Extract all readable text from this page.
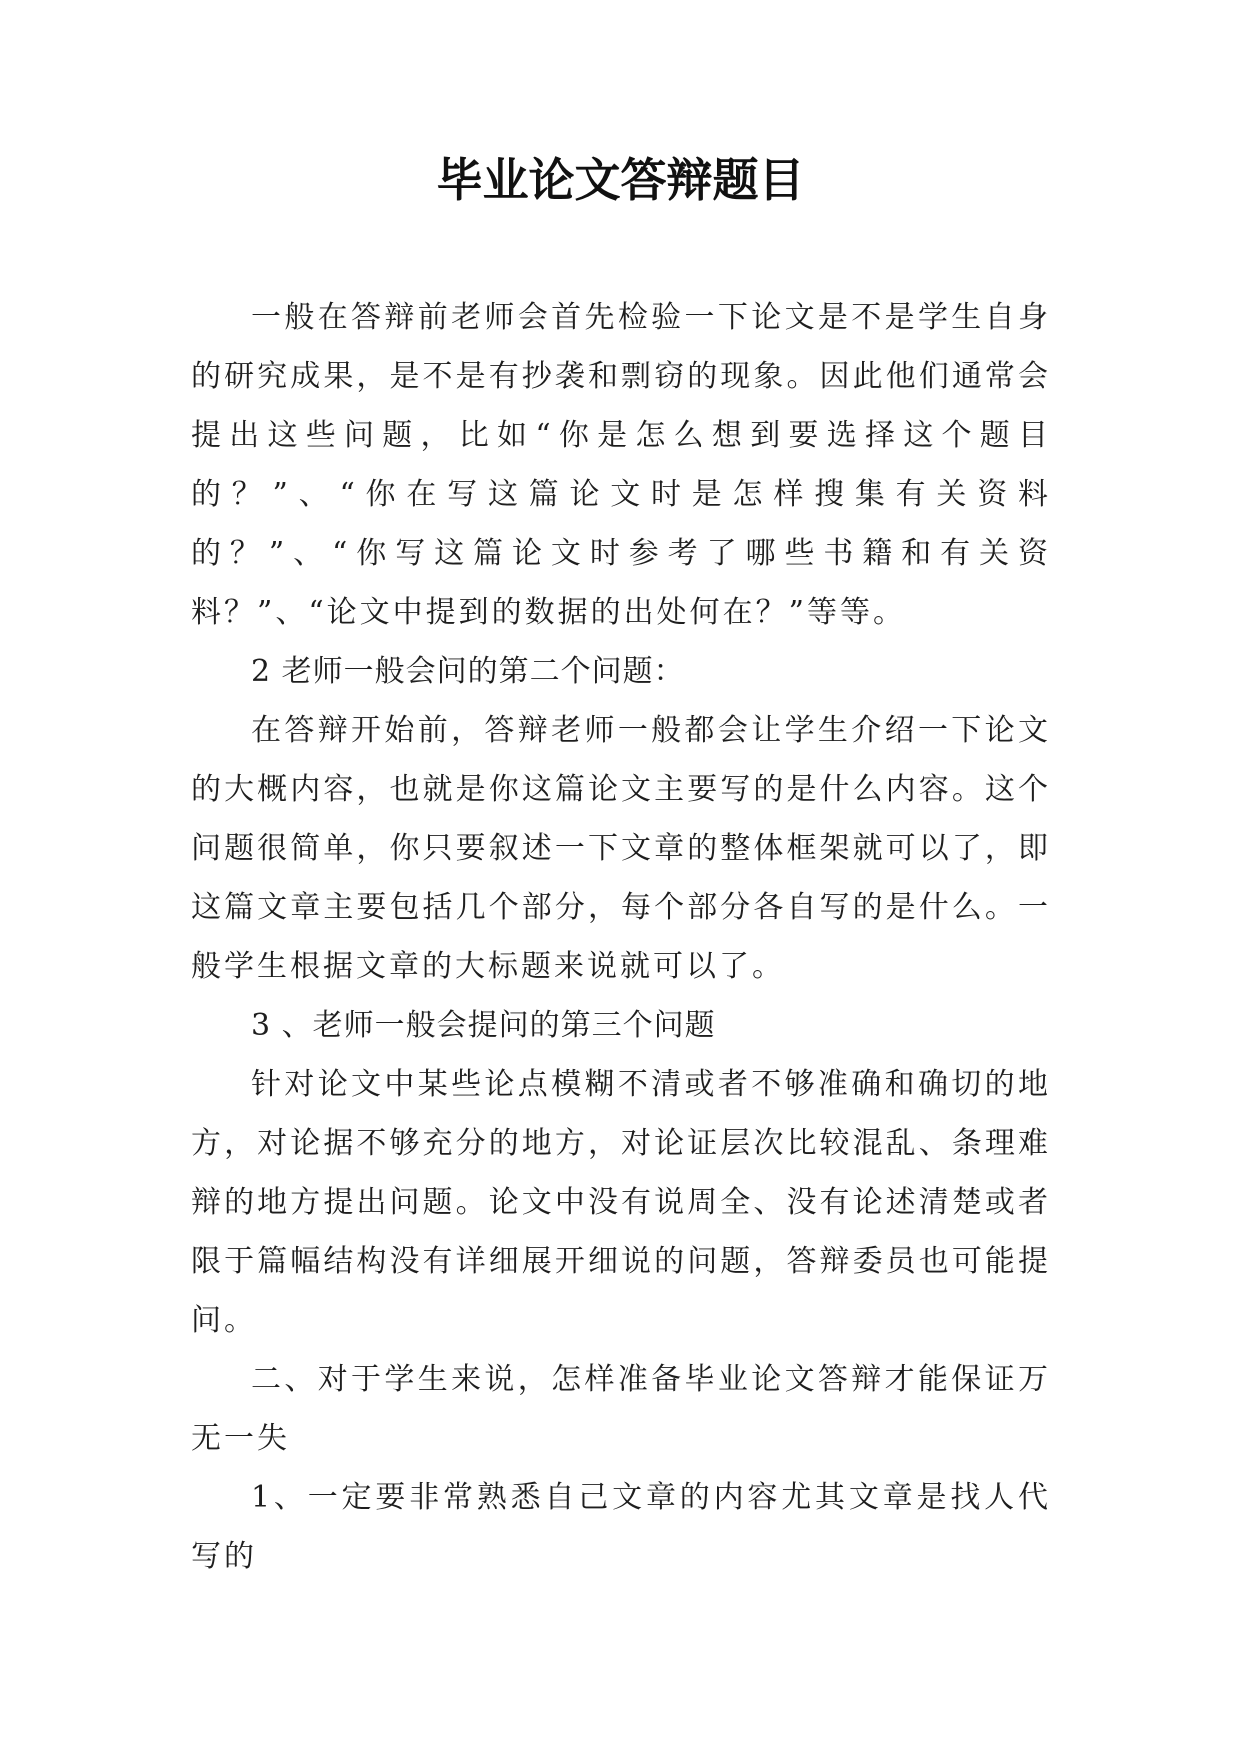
毕业论文答辩题目

一般在答辩前老师会首先检验一下论文是不是学生自身的研究成果，是不是有抄袭和剽窃的现象。因此他们通常会提出这些问题，比如“你是怎么想到要选择这个题目的？”、“你在写这篇论文时是怎样搜集有关资料的？”、“你写这篇论文时参考了哪些书籍和有关资料？”、“论文中提到的数据的出处何在？”等等。

2 老师一般会问的第二个问题：

在答辩开始前，答辩老师一般都会让学生介绍一下论文的大概内容，也就是你这篇论文主要写的是什么内容。这个问题很简单，你只要叙述一下文章的整体框架就可以了，即这篇文章主要包括几个部分，每个部分各自写的是什么。一般学生根据文章的大标题来说就可以了。

3 、老师一般会提问的第三个问题

针对论文中某些论点模糊不清或者不够准确和确切的地方，对论据不够充分的地方，对论证层次比较混乱、条理难辩的地方提出问题。论文中没有说周全、没有论述清楚或者限于篇幅结构没有详细展开细说的问题，答辩委员也可能提问。

二、对于学生来说，怎样准备毕业论文答辩才能保证万无一失

1、一定要非常熟悉自己文章的内容尤其文章是找人代写的
